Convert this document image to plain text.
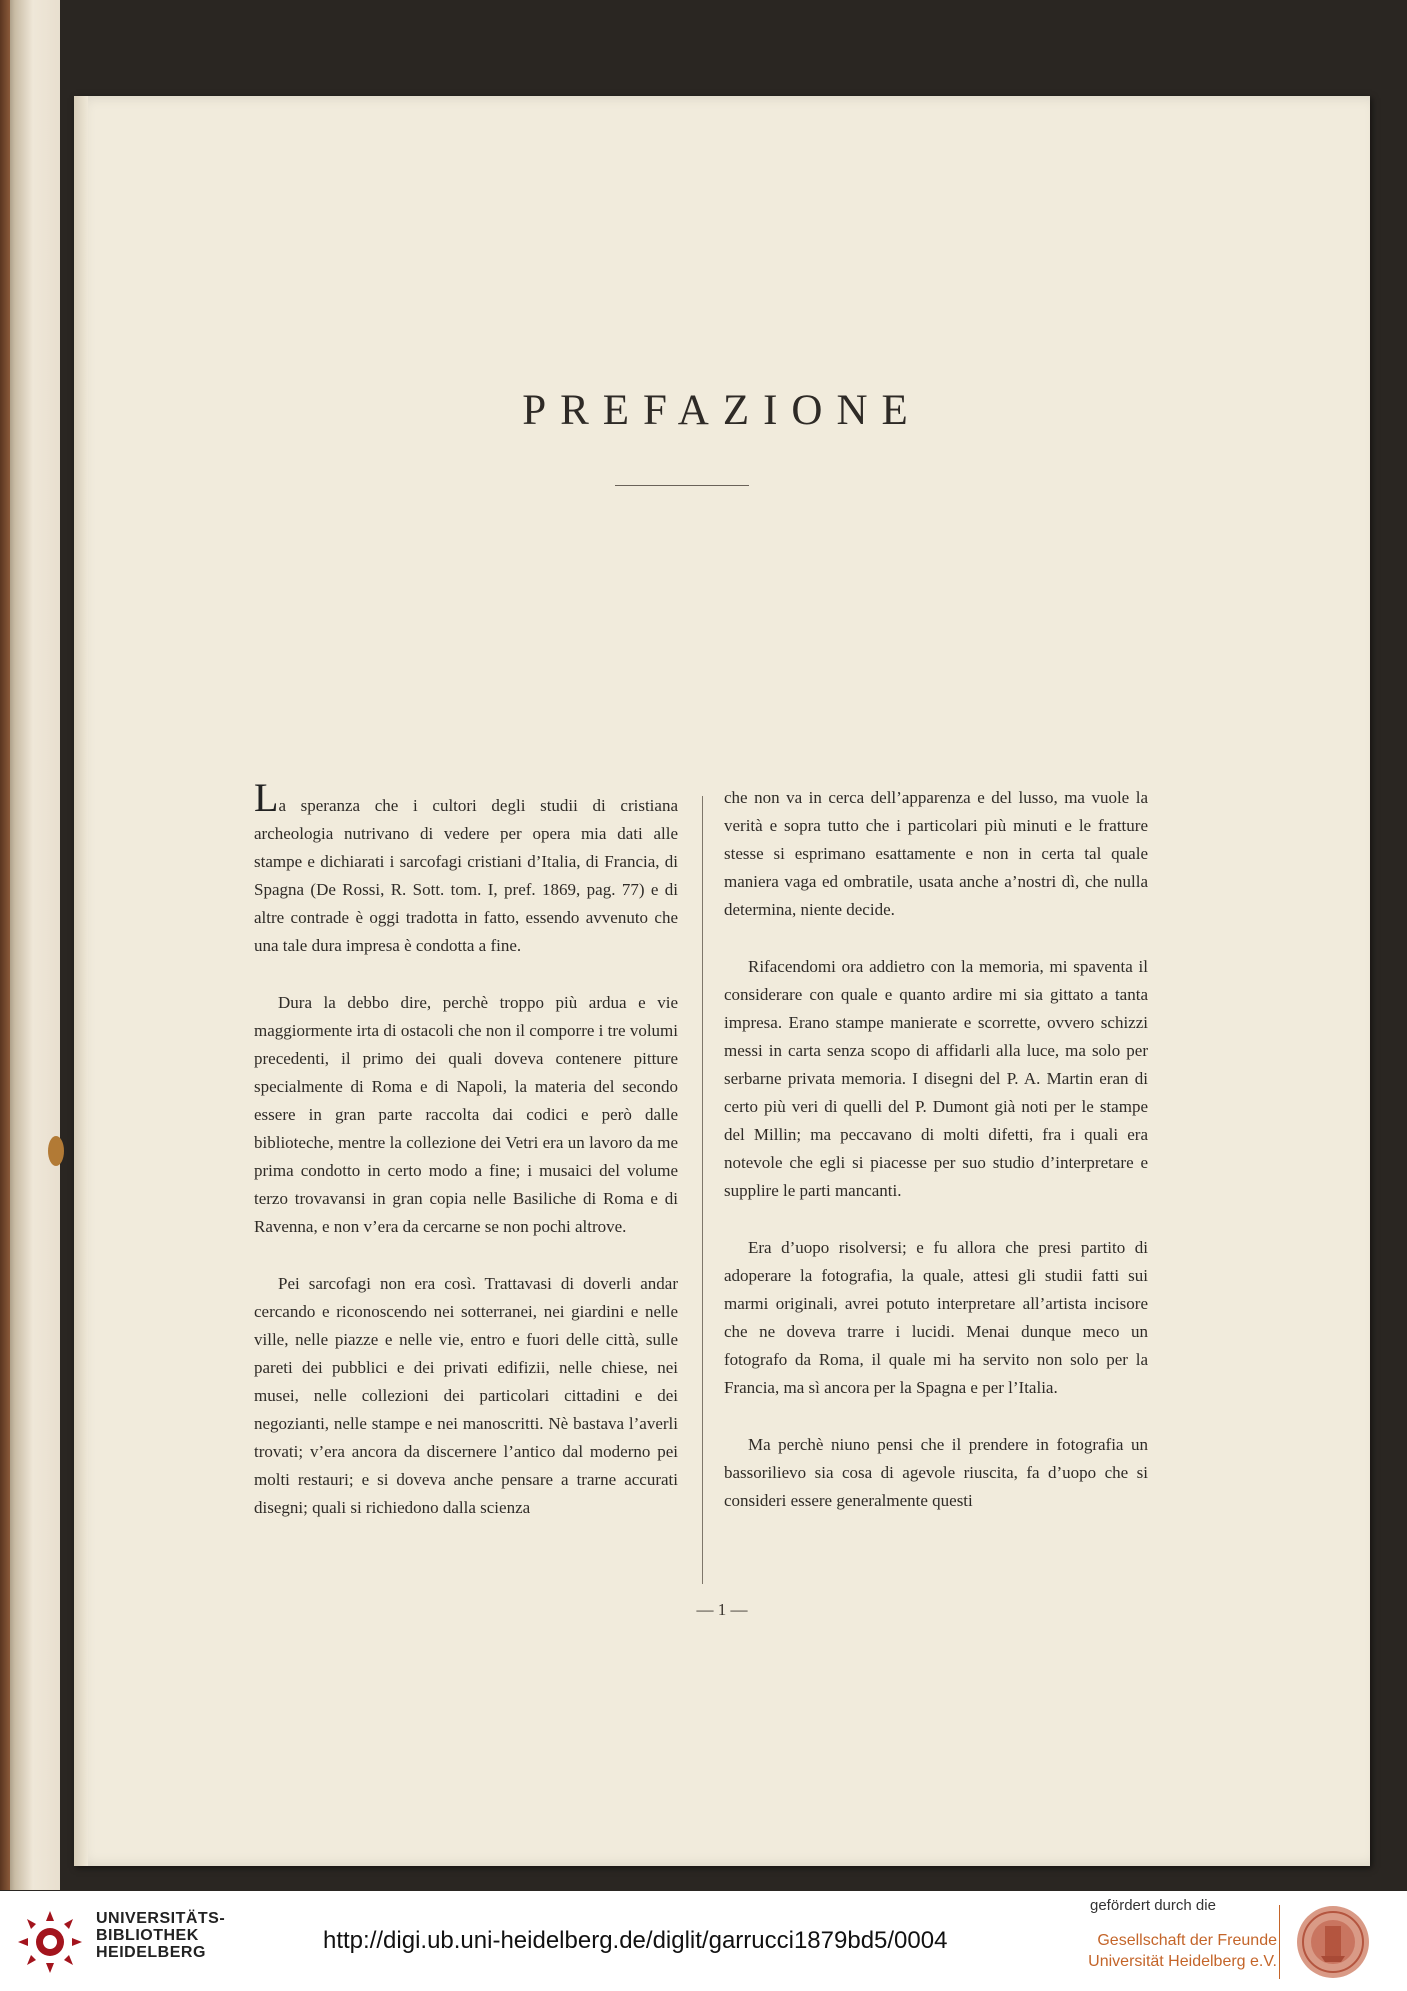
PREFAZIONE

La speranza che i cultori degli studii di cristiana archeologia nutrivano di vedere per opera mia dati alle stampe e dichiarati i sarcofagi cristiani d’Italia, di Francia, di Spagna (De Rossi, R. Sott. tom. I, pref. 1869, pag. 77) e di altre contrade è oggi tradotta in fatto, essendo avvenuto che una tale dura impresa è condotta a fine.

Dura la debbo dire, perchè troppo più ardua e vie maggiormente irta di ostacoli che non il comporre i tre volumi precedenti, il primo dei quali doveva contenere pitture specialmente di Roma e di Napoli, la materia del secondo essere in gran parte raccolta dai codici e però dalle biblioteche, mentre la collezione dei Vetri era un lavoro da me prima condotto in certo modo a fine; i musaici del volume terzo trovavansi in gran copia nelle Basiliche di Roma e di Ravenna, e non v’era da cercarne se non pochi altrove.

Pei sarcofagi non era così. Trattavasi di doverli andar cercando e riconoscendo nei sotterranei, nei giardini e nelle ville, nelle piazze e nelle vie, entro e fuori delle città, sulle pareti dei pubblici e dei privati edifizii, nelle chiese, nei musei, nelle collezioni dei particolari cittadini e dei negozianti, nelle stampe e nei manoscritti. Nè bastava l’averli trovati; v’era ancora da discernere l’antico dal moderno pei molti restauri; e si doveva anche pensare a trarne accurati disegni; quali si richiedono dalla scienza

che non va in cerca dell’apparenza e del lusso, ma vuole la verità e sopra tutto che i particolari più minuti e le fratture stesse si esprimano esattamente e non in certa tal quale maniera vaga ed ombratile, usata anche a’nostri dì, che nulla determina, niente decide.

Rifacendomi ora addietro con la memoria, mi spaventa il considerare con quale e quanto ardire mi sia gittato a tanta impresa. Erano stampe manierate e scorrette, ovvero schizzi messi in carta senza scopo di affidarli alla luce, ma solo per serbarne privata memoria. I disegni del P. A. Martin eran di certo più veri di quelli del P. Dumont già noti per le stampe del Millin; ma peccavano di molti difetti, fra i quali era notevole che egli si piacesse per suo studio d’interpretare e supplire le parti mancanti.

Era d’uopo risolversi; e fu allora che presi partito di adoperare la fotografia, la quale, attesi gli studii fatti sui marmi originali, avrei potuto interpretare all’artista incisore che ne doveva trarre i lucidi. Menai dunque meco un fotografo da Roma, il quale mi ha servito non solo per la Francia, ma sì ancora per la Spagna e per l’Italia.

Ma perchè niuno pensi che il prendere in fotografia un bassorilievo sia cosa di agevole riuscita, fa d’uopo che si consideri essere generalmente questi

— 1 —
UNIVERSITÄTS-
BIBLIOTHEK
HEIDELBERG	http://digi.ub.uni-heidelberg.de/diglit/garrucci1879bd5/0004
gefördert durch die
Gesellschaft der Freunde
Universität Heidelberg e.V.
